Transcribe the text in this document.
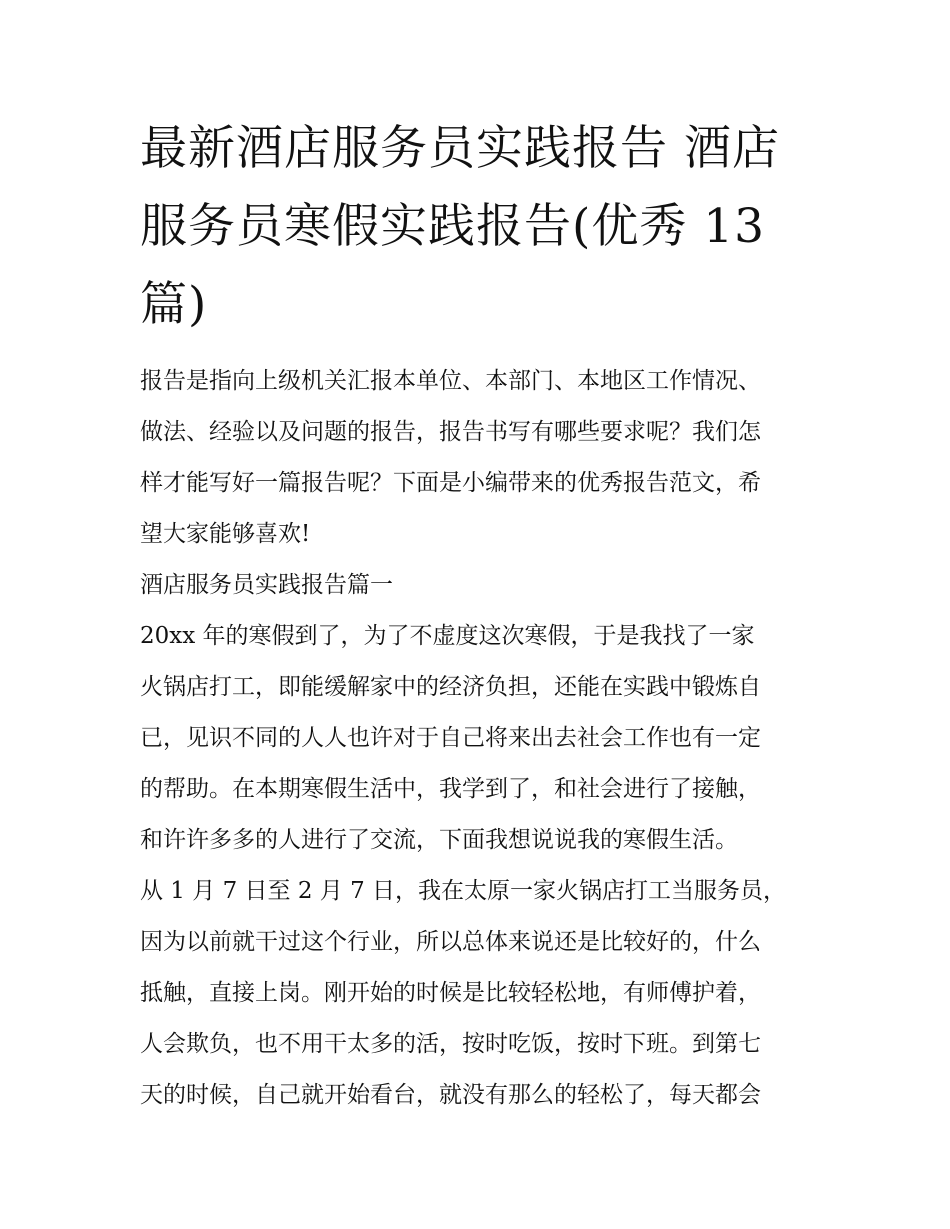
最新酒店服务员实践报告 酒店
服务员寒假实践报告(优秀 13
篇)

报告是指向上级机关汇报本单位、本部门、本地区工作情况、
做法、经验以及问题的报告，报告书写有哪些要求呢？我们怎
样才能写好一篇报告呢？下面是小编带来的优秀报告范文，希
望大家能够喜欢!

酒店服务员实践报告篇一

20xx 年的寒假到了，为了不虚度这次寒假，于是我找了一家
火锅店打工，即能缓解家中的经济负担，还能在实践中锻炼自
已，见识不同的人人也许对于自己将来出去社会工作也有一定
的帮助。在本期寒假生活中，我学到了，和社会进行了接触，
和许许多多的人进行了交流，下面我想说说我的寒假生活。

从 1 月 7 日至 2 月 7 日，我在太原一家火锅店打工当服务员，
因为以前就干过这个行业，所以总体来说还是比较好的，什么
抵触，直接上岗。刚开始的时候是比较轻松地，有师傅护着，
人会欺负，也不用干太多的活，按时吃饭，按时下班。到第七
天的时候，自己就开始看台，就没有那么的轻松了，每天都会
